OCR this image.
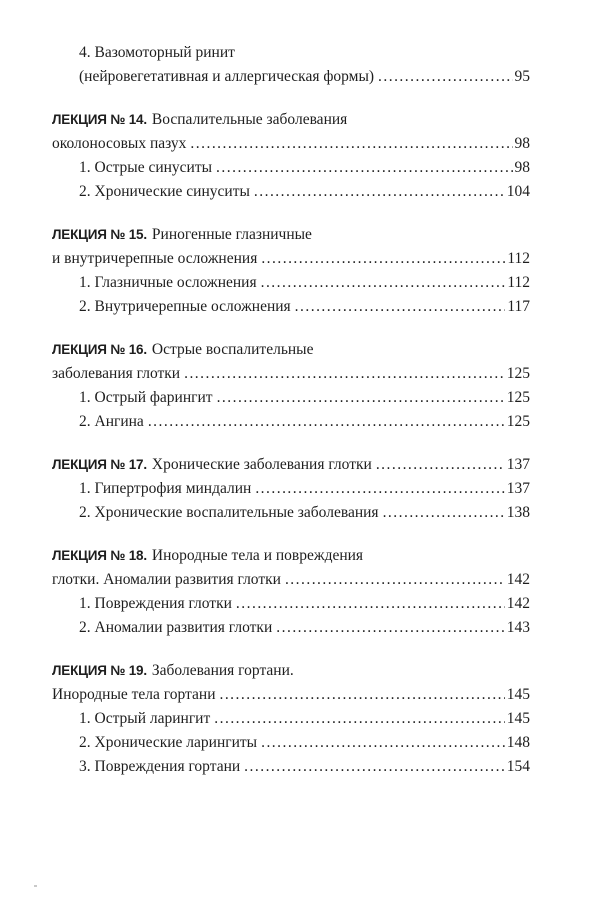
4. Вазомоторный ринит
(нейровегетативная и аллергическая формы) . . .	95
ЛЕКЦИЯ № 14. Воспалительные заболевания
околоносовых пазух . . .	98
1. Острые синуситы . . .	98
2. Хронические синуситы . . .	104
ЛЕКЦИЯ № 15. Риногенные глазничные
и внутричерепные осложнения . . .	112
1. Глазничные осложнения . . .	112
2. Внутричерепные осложнения . . .	117
ЛЕКЦИЯ № 16. Острые воспалительные
заболевания глотки . . .	125
1. Острый фарингит . . .	125
2. Ангина . . .	125
ЛЕКЦИЯ № 17. Хронические заболевания глотки . . .	137
1. Гипертрофия миндалин . . .	137
2. Хронические воспалительные заболевания . . .	138
ЛЕКЦИЯ № 18. Инородные тела и повреждения
глотки. Аномалии развития глотки . . .	142
1. Повреждения глотки . . .	142
2. Аномалии развития глотки . . .	143
ЛЕКЦИЯ № 19. Заболевания гортани.
Инородные тела гортани . . .	145
1. Острый ларингит . . .	145
2. Хронические ларингиты . . .	148
3. Повреждения гортани . . .	154
